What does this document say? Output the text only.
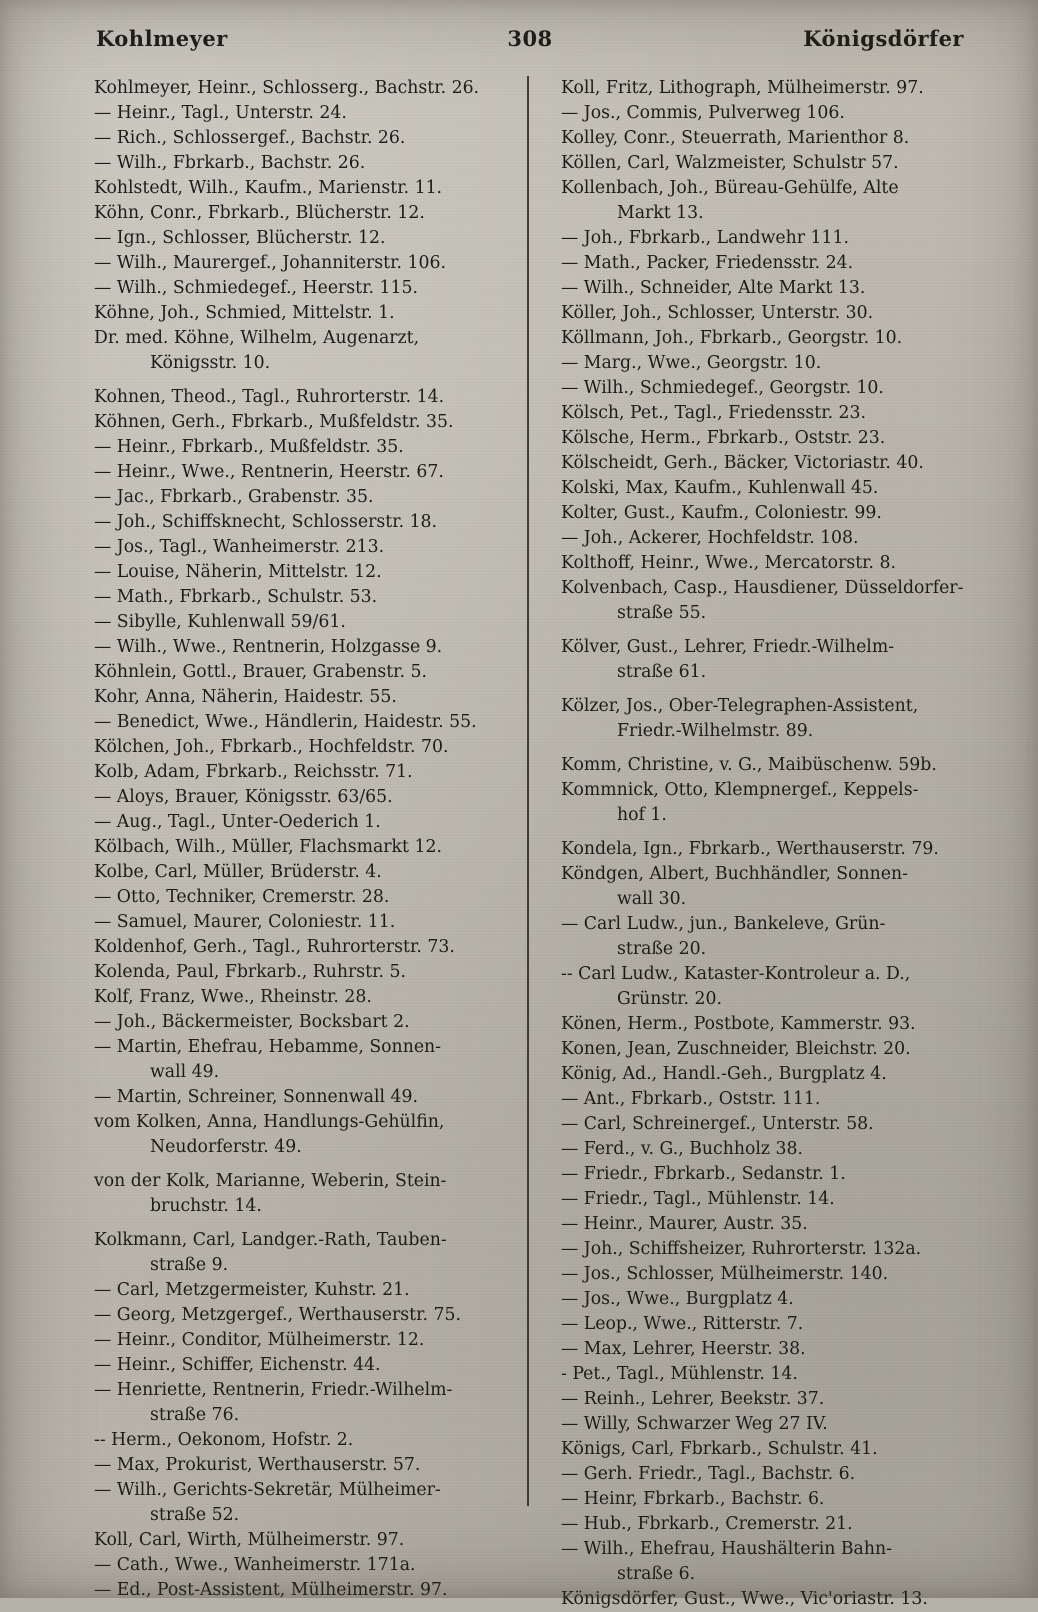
Kohlmeyer	308	Königsdörfer
Kohlmeyer, Heinr., Schlosserg., Bachstr. 26.
— Heinr., Tagl., Unterstr. 24.
— Rich., Schlossergef., Bachstr. 26.
— Wilh., Fbrkarb., Bachstr. 26.
Kohlstedt, Wilh., Kaufm., Marienstr. 11.
Köhn, Conr., Fbrkarb., Blücherstr. 12.
— Ign., Schlosser, Blücherstr. 12.
— Wilh., Maurergef., Johanniterstr. 106.
— Wilh., Schmiedegef., Heerstr. 115.
Köhne, Joh., Schmied, Mittelstr. 1.
Dr. med. Köhne, Wilhelm, Augenarzt,
Königsstr. 10.
Kohnen, Theod., Tagl., Ruhrorterstr. 14.
Köhnen, Gerh., Fbrkarb., Mußfeldstr. 35.
— Heinr., Fbrkarb., Mußfeldstr. 35.
— Heinr., Wwe., Rentnerin, Heerstr. 67.
— Jac., Fbrkarb., Grabenstr. 35.
— Joh., Schiffsknecht, Schlosserstr. 18.
— Jos., Tagl., Wanheimerstr. 213.
— Louise, Näherin, Mittelstr. 12.
— Math., Fbrkarb., Schulstr. 53.
— Sibylle, Kuhlenwall 59/61.
— Wilh., Wwe., Rentnerin, Holzgasse 9.
Köhnlein, Gottl., Brauer, Grabenstr. 5.
Kohr, Anna, Näherin, Haidestr. 55.
— Benedict, Wwe., Händlerin, Haidestr. 55.
Kölchen, Joh., Fbrkarb., Hochfeldstr. 70.
Kolb, Adam, Fbrkarb., Reichsstr. 71.
— Aloys, Brauer, Königsstr. 63/65.
— Aug., Tagl., Unter-Oederich 1.
Kölbach, Wilh., Müller, Flachsmarkt 12.
Kolbe, Carl, Müller, Brüderstr. 4.
— Otto, Techniker, Cremerstr. 28.
— Samuel, Maurer, Coloniestr. 11.
Koldenhof, Gerh., Tagl., Ruhrorterstr. 73.
Kolenda, Paul, Fbrkarb., Ruhrstr. 5.
Kolf, Franz, Wwe., Rheinstr. 28.
— Joh., Bäckermeister, Bocksbart 2.
— Martin, Ehefrau, Hebamme, Sonnen-
wall 49.
— Martin, Schreiner, Sonnenwall 49.
vom Kolken, Anna, Handlungs-Gehülfin,
Neudorferstr. 49.
von der Kolk, Marianne, Weberin, Stein-
bruchstr. 14.
Kolkmann, Carl, Landger.-Rath, Tauben-
straße 9.
— Carl, Metzgermeister, Kuhstr. 21.
— Georg, Metzgergef., Werthauserstr. 75.
— Heinr., Conditor, Mülheimerstr. 12.
— Heinr., Schiffer, Eichenstr. 44.
— Henriette, Rentnerin, Friedr.-Wilhelm-
straße 76.
-- Herm., Oekonom, Hofstr. 2.
— Max, Prokurist, Werthauserstr. 57.
— Wilh., Gerichts-Sekretär, Mülheimer-
straße 52.
Koll, Carl, Wirth, Mülheimerstr. 97.
— Cath., Wwe., Wanheimerstr. 171a.
— Ed., Post-Assistent, Mülheimerstr. 97.
Koll, Fritz, Lithograph, Mülheimerstr. 97.
— Jos., Commis, Pulverweg 106.
Kolley, Conr., Steuerrath, Marienthor 8.
Köllen, Carl, Walzmeister, Schulstr 57.
Kollenbach, Joh., Büreau-Gehülfe, Alte
Markt 13.
— Joh., Fbrkarb., Landwehr 111.
— Math., Packer, Friedensstr. 24.
— Wilh., Schneider, Alte Markt 13.
Köller, Joh., Schlosser, Unterstr. 30.
Köllmann, Joh., Fbrkarb., Georgstr. 10.
— Marg., Wwe., Georgstr. 10.
— Wilh., Schmiedegef., Georgstr. 10.
Kölsch, Pet., Tagl., Friedensstr. 23.
Kölsche, Herm., Fbrkarb., Oststr. 23.
Kölscheidt, Gerh., Bäcker, Victoriastr. 40.
Kolski, Max, Kaufm., Kuhlenwall 45.
Kolter, Gust., Kaufm., Coloniestr. 99.
— Joh., Ackerer, Hochfeldstr. 108.
Kolthoff, Heinr., Wwe., Mercatorstr. 8.
Kolvenbach, Casp., Hausdiener, Düsseldorfer-
straße 55.
Kölver, Gust., Lehrer, Friedr.-Wilhelm-
straße 61.
Kölzer, Jos., Ober-Telegraphen-Assistent,
Friedr.-Wilhelmstr. 89.
Komm, Christine, v. G., Maibüschenw. 59b.
Kommnick, Otto, Klempnergef., Keppels-
hof 1.
Kondela, Ign., Fbrkarb., Werthauserstr. 79.
Köndgen, Albert, Buchhändler, Sonnen-
wall 30.
— Carl Ludw., jun., Bankeleve, Grün-
straße 20.
-- Carl Ludw., Kataster-Kontroleur a. D.,
Grünstr. 20.
Könen, Herm., Postbote, Kammerstr. 93.
Konen, Jean, Zuschneider, Bleichstr. 20.
König, Ad., Handl.-Geh., Burgplatz 4.
— Ant., Fbrkarb., Oststr. 111.
— Carl, Schreinergef., Unterstr. 58.
— Ferd., v. G., Buchholz 38.
— Friedr., Fbrkarb., Sedanstr. 1.
— Friedr., Tagl., Mühlenstr. 14.
— Heinr., Maurer, Austr. 35.
— Joh., Schiffsheizer, Ruhrorterstr. 132a.
— Jos., Schlosser, Mülheimerstr. 140.
— Jos., Wwe., Burgplatz 4.
— Leop., Wwe., Ritterstr. 7.
— Max, Lehrer, Heerstr. 38.
- Pet., Tagl., Mühlenstr. 14.
— Reinh., Lehrer, Beekstr. 37.
— Willy, Schwarzer Weg 27 IV.
Königs, Carl, Fbrkarb., Schulstr. 41.
— Gerh. Friedr., Tagl., Bachstr. 6.
— Heinr, Fbrkarb., Bachstr. 6.
— Hub., Fbrkarb., Cremerstr. 21.
— Wilh., Ehefrau, Haushälterin Bahn-
straße 6.
Königsdörfer, Gust., Wwe., Vic'oriastr. 13.
